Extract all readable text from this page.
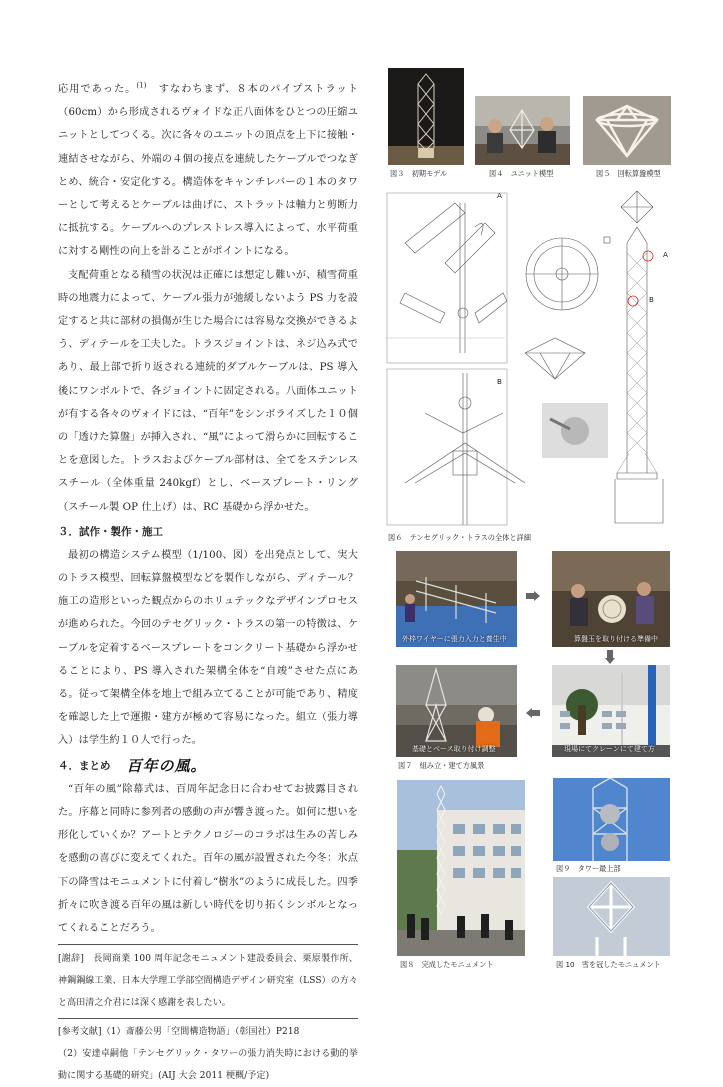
応用であった。$^{(1)}$　 すなわちまず、８本のパイプストラット（60cm）から形成されるヴォイドな正八面体をひとつの圧縮ユニットとしてつくる。次に各々のユニットの頂点を上下に接触・連結させながら、外端の４個の接点を連続したケーブルでつなぎとめ、統合・安定化する。構造体をキャンチレバーの１本のタワーとして考えるとケーブルは曲げに、ストラットは軸力と剪断力に抵抗する。ケーブルへのプレストレス導入によって、水平荷重に対する剛性の向上を計ることがポイントになる。

支配荷重となる積雪の状況は正確には想定し難いが、積雪荷重時の地震力によって、ケーブル張力が弛緩しないよう PS 力を設定すると共に部材の損傷が生じた場合には容易な交換ができるよう、ディテールを工夫した。トラスジョイントは、ネジ込み式であり、最上部で折り返される連続的ダブルケーブルは、PS 導入後にワンボルトで、各ジョイントに固定される。八面体ユニットが有する各々のヴォイドには、“百年”をシンボライズした１０個の「透けた算盤」が挿入され、“風”によって滑らかに回転することを意図した。トラスおよびケーブル部材は、全てをステンレススチール（全体重量 240kgf）とし、ベースプレート・リング（スチール製 OP 仕上げ）は、RC 基礎から浮かせた。

３．試作・製作・施工

最初の構造システム模型（1/100、図）を出発点として、実大のトラス模型、回転算盤模型などを製作しながら、ディテール？施工の造形といった観点からのホリュテックなデザインプロセスが進められた。今回のテセグリック・トラスの第一の特徴は、ケーブルを定着するベースプレートをコンクリート基礎から浮かせることにより、PS 導入された架構全体を“自竣”させた点にある。従って架構全体を地上で組み立てることが可能であり、精度を確認した上で運搬・建方が極めて容易になった。組立（張力導入）は学生約１０人で行った。

４．まとめ 百年の風。

“百年の風”除幕式は、百周年記念日に合わせてお披露目された。序幕と同時に参列者の感動の声が響き渡った。如何に想いを形化していくか？アートとテクノロジーのコラボは生みの苦しみを感動の喜びに変えてくれた。百年の風が設置された今冬：氷点下の降雪はモニュメントに付着し“樹氷”のように成長した。四季折々に吹き渡る百年の風は新しい時代を切り拓くシンボルとなってくれることだろう。

[謝辞]　長岡商業 100 周年記念モニュメント建設委員会、栗原製作所、神鋼鋼線工業、日本大学理工学部空間構造デザイン研究室（LSS）の方々と高田清之介君には深く感謝を表したい。

[参考文献]（1）斎藤公男「空間構造物語」（彰国社）P218

（2）安達卓嗣他「テンセグリック・タワーの張力消失時における動的挙動に関する基礎的研究」(AIJ 大会 2011 梗概/予定)

図３　初期モデル	図４　ユニット模型	図５　回転算盤模型
A
B
A
B
図６　テンセグリック・トラスの全体と詳細
外枠ワイヤーに張力入力と養生中	算盤玉を取り付ける準備中
基礎とベース取り付け調整	現場にてクレーンにて建て方
図７　組み立・建て方風景
図８　完成したモニュメント
図９　タワー最上部
図 10　雪を冠したモニュメント
